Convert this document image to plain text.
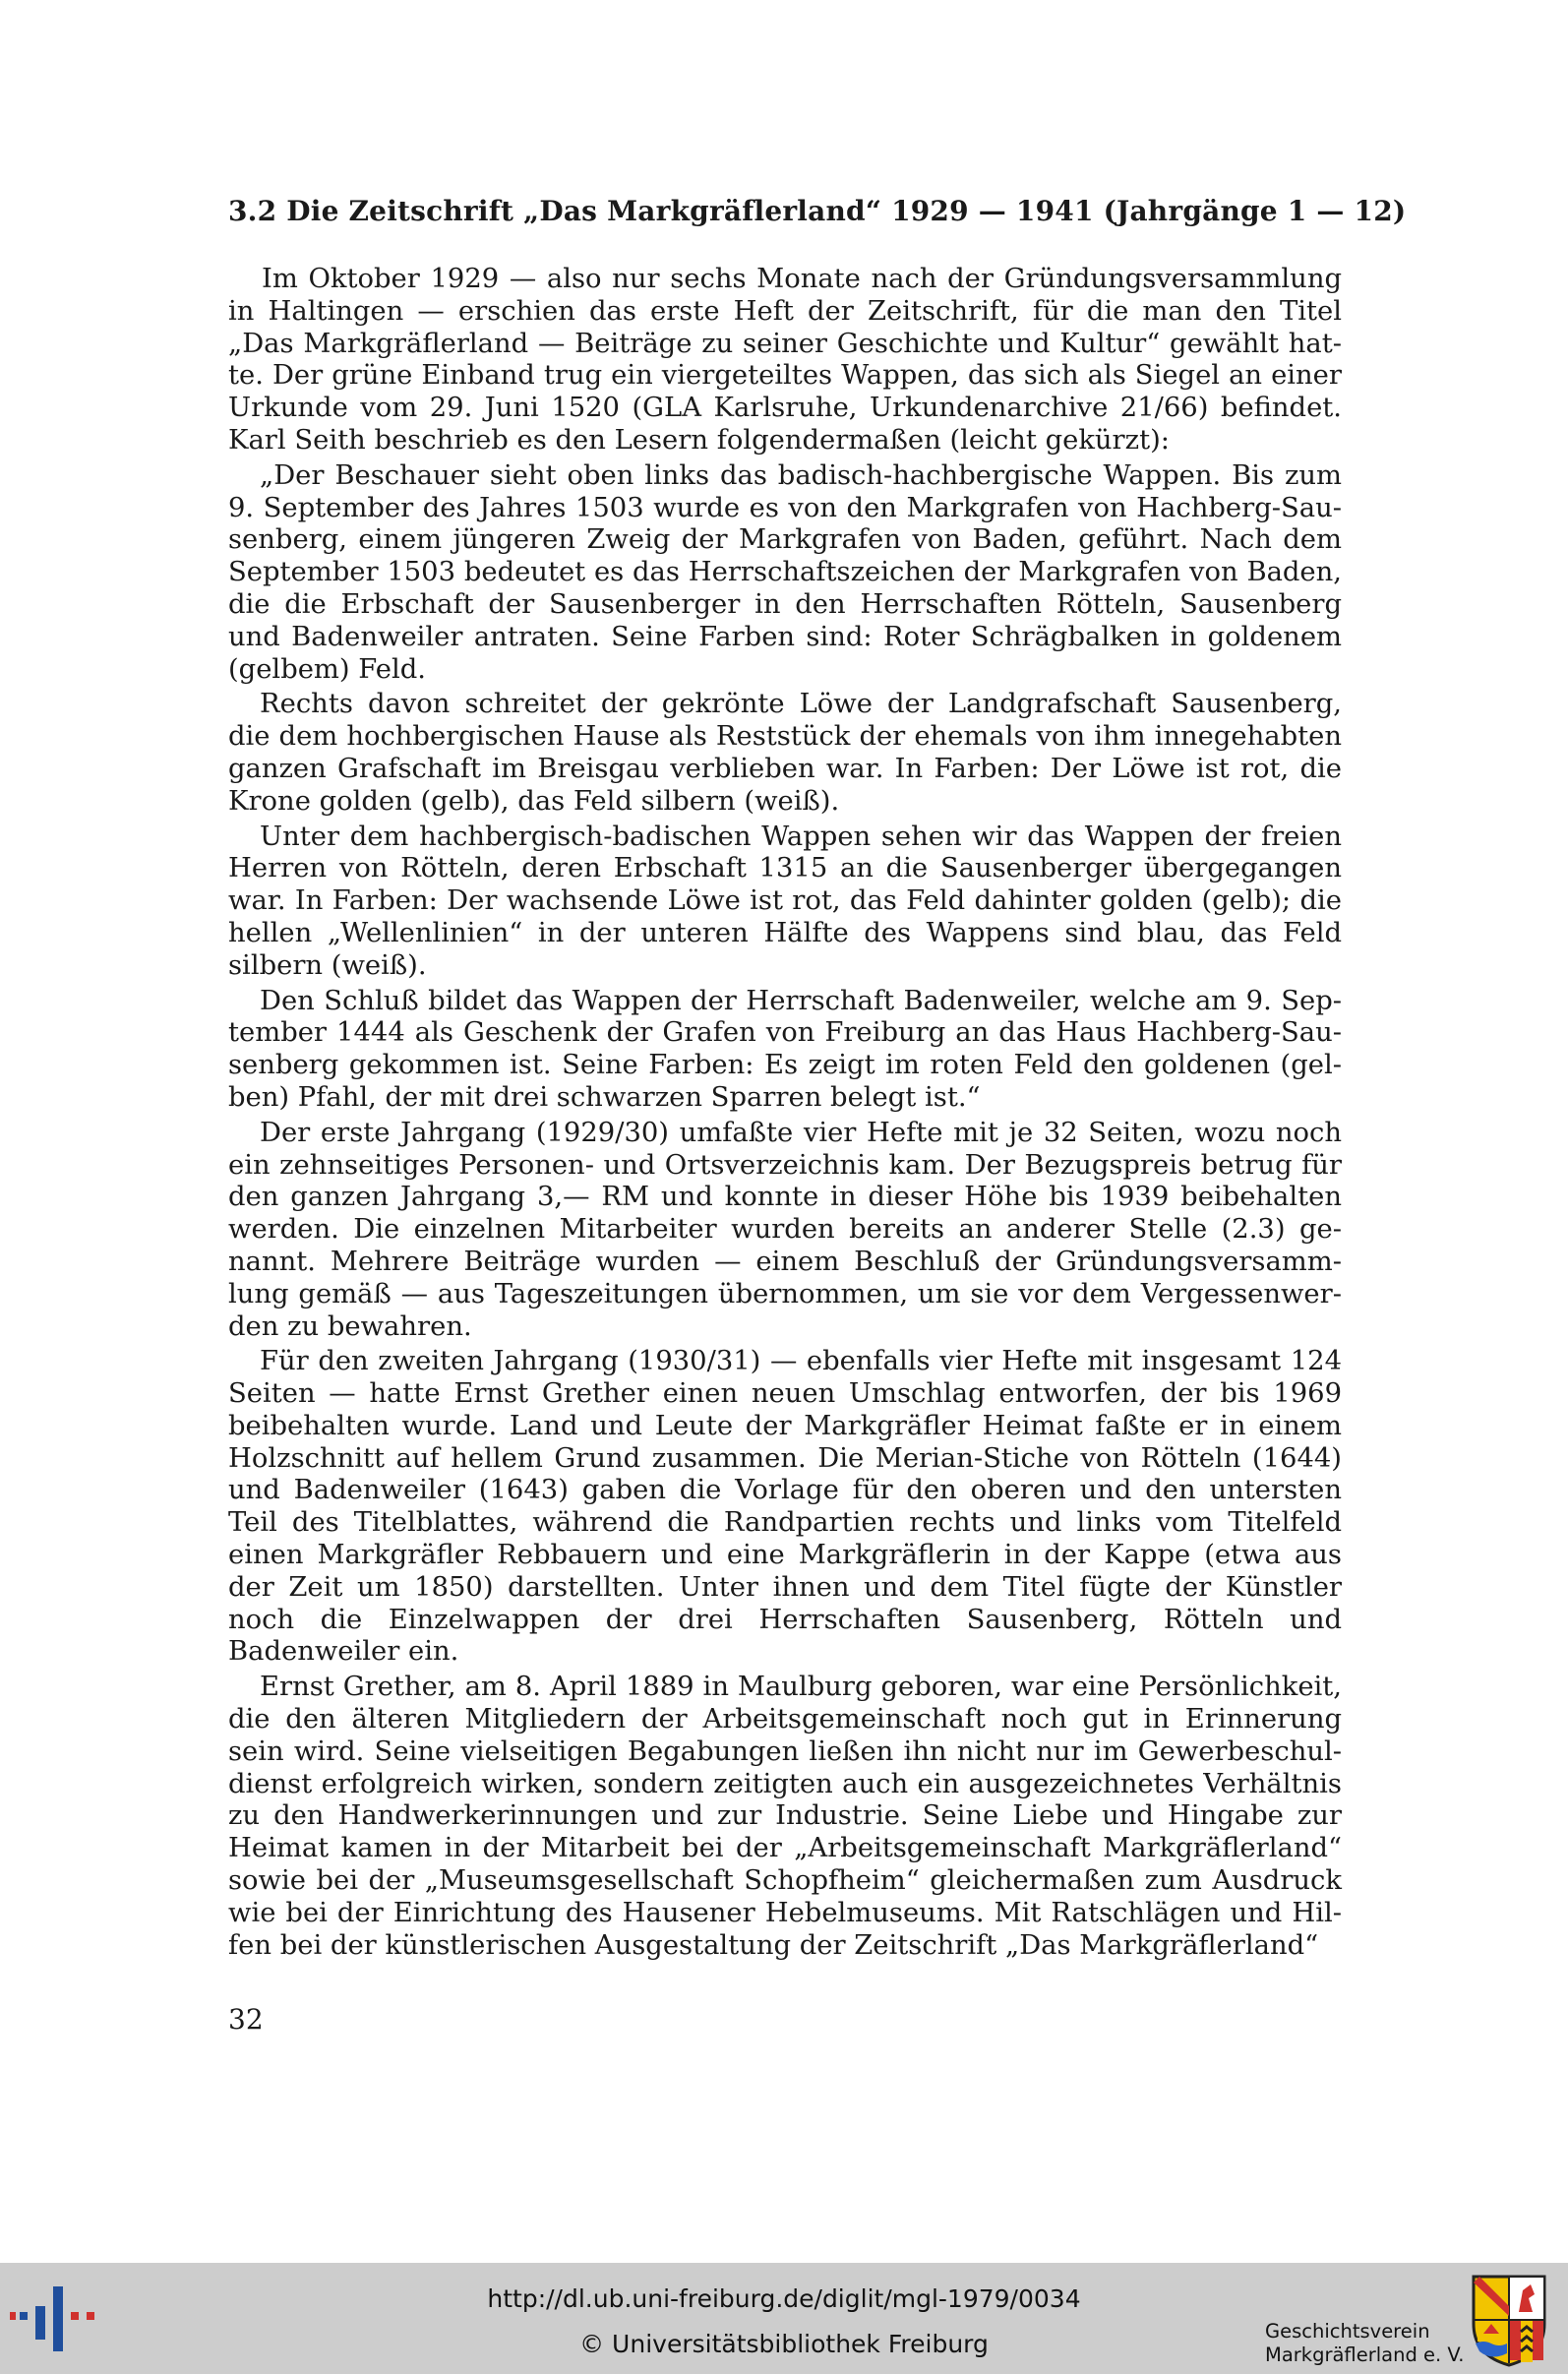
3.2 Die Zeitschrift „Das Markgräflerland“ 1929 — 1941 (Jahrgänge 1 — 12)

Im Oktober 1929 — also nur sechs Monate nach der Gründungsversammlung in Haltingen — erschien das erste Heft der Zeitschrift, für die man den Titel „Das Markgräflerland — Beiträge zu seiner Geschichte und Kultur“ gewählt hatte. Der grüne Einband trug ein viergeteiltes Wappen, das sich als Siegel an einer Urkunde vom 29. Juni 1520 (GLA Karlsruhe, Urkundenarchive 21/66) befindet. Karl Seith beschrieb es den Lesern folgendermaßen (leicht gekürzt):

„Der Beschauer sieht oben links das badisch-hachbergische Wappen. Bis zum 9. September des Jahres 1503 wurde es von den Markgrafen von Hachberg-Sausenberg, einem jüngeren Zweig der Markgrafen von Baden, geführt. Nach dem September 1503 bedeutet es das Herrschaftszeichen der Markgrafen von Baden, die die Erbschaft der Sausenberger in den Herrschaften Rötteln, Sausenberg und Badenweiler antraten. Seine Farben sind: Roter Schrägbalken in goldenem (gelbem) Feld.

Rechts davon schreitet der gekrönte Löwe der Landgrafschaft Sausenberg, die dem hochbergischen Hause als Reststück der ehemals von ihm innegehabten ganzen Grafschaft im Breisgau verblieben war. In Farben: Der Löwe ist rot, die Krone golden (gelb), das Feld silbern (weiß).

Unter dem hachbergisch-badischen Wappen sehen wir das Wappen der freien Herren von Rötteln, deren Erbschaft 1315 an die Sausenberger übergegangen war. In Farben: Der wachsende Löwe ist rot, das Feld dahinter golden (gelb); die hellen „Wellenlinien“ in der unteren Hälfte des Wappens sind blau, das Feld silbern (weiß).

Den Schluß bildet das Wappen der Herrschaft Badenweiler, welche am 9. September 1444 als Geschenk der Grafen von Freiburg an das Haus Hachberg-Sausenberg gekommen ist. Seine Farben: Es zeigt im roten Feld den goldenen (gelben) Pfahl, der mit drei schwarzen Sparren belegt ist.“

Der erste Jahrgang (1929/30) umfaßte vier Hefte mit je 32 Seiten, wozu noch ein zehnseitiges Personen- und Ortsverzeichnis kam. Der Bezugspreis betrug für den ganzen Jahrgang 3,— RM und konnte in dieser Höhe bis 1939 beibehalten werden. Die einzelnen Mitarbeiter wurden bereits an anderer Stelle (2.3) genannt. Mehrere Beiträge wurden — einem Beschluß der Gründungsversammlung gemäß — aus Tageszeitungen übernommen, um sie vor dem Vergessenwerden zu bewahren.

Für den zweiten Jahrgang (1930/31) — ebenfalls vier Hefte mit insgesamt 124 Seiten — hatte Ernst Grether einen neuen Umschlag entworfen, der bis 1969 beibehalten wurde. Land und Leute der Markgräfler Heimat faßte er in einem Holzschnitt auf hellem Grund zusammen. Die Merian-Stiche von Rötteln (1644) und Badenweiler (1643) gaben die Vorlage für den oberen und den untersten Teil des Titelblattes, während die Randpartien rechts und links vom Titelfeld einen Markgräfler Rebbauern und eine Markgräflerin in der Kappe (etwa aus der Zeit um 1850) darstellten. Unter ihnen und dem Titel fügte der Künstler noch die Einzelwappen der drei Herrschaften Sausenberg, Rötteln und Badenweiler ein.

Ernst Grether, am 8. April 1889 in Maulburg geboren, war eine Persönlichkeit, die den älteren Mitgliedern der Arbeitsgemeinschaft noch gut in Erinnerung sein wird. Seine vielseitigen Begabungen ließen ihn nicht nur im Gewerbeschuldienst erfolgreich wirken, sondern zeitigten auch ein ausgezeichnetes Verhältnis zu den Handwerkerinnungen und zur Industrie. Seine Liebe und Hingabe zur Heimat kamen in der Mitarbeit bei der „Arbeitsgemeinschaft Markgräflerland“ sowie bei der „Museumsgesellschaft Schopfheim“ gleichermaßen zum Ausdruck wie bei der Einrichtung des Hausener Hebelmuseums. Mit Ratschlägen und Hilfen bei der künstlerischen Ausgestaltung der Zeitschrift „Das Markgräflerland“

32
http://dl.ub.uni-freiburg.de/diglit/mgl-1979/0034
© Universitätsbibliothek Freiburg	Geschichtsverein
Markgräflerland e. V.
